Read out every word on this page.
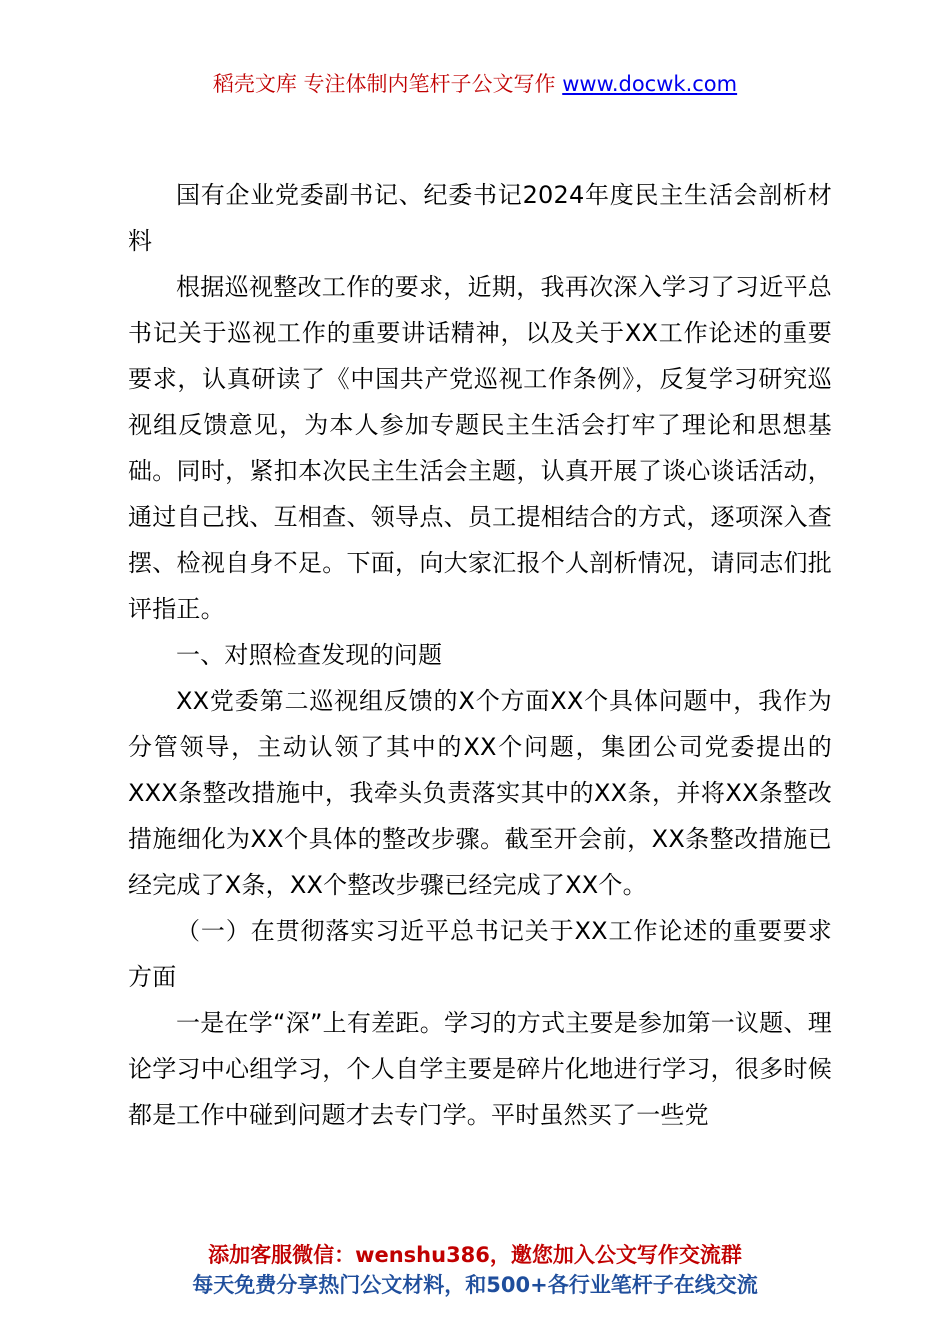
稻壳文库 专注体制内笔杆子公文写作 www.docwk.com

国有企业党委副书记、纪委书记2024年度民主生活会剖析材料

根据巡视整改工作的要求，近期，我再次深入学习了习近平总书记关于巡视工作的重要讲话精神，以及关于XX工作论述的重要要求，认真研读了《中国共产党巡视工作条例》，反复学习研究巡视组反馈意见，为本人参加专题民主生活会打牢了理论和思想基础。同时，紧扣本次民主生活会主题，认真开展了谈心谈话活动，通过自己找、互相查、领导点、员工提相结合的方式，逐项深入查摆、检视自身不足。下面，向大家汇报个人剖析情况，请同志们批评指正。

一、对照检查发现的问题

XX党委第二巡视组反馈的X个方面XX个具体问题中，我作为分管领导，主动认领了其中的XX个问题，集团公司党委提出的XXX条整改措施中，我牵头负责落实其中的XX条，并将XX条整改措施细化为XX个具体的整改步骤。截至开会前，XX条整改措施已经完成了X条，XX个整改步骤已经完成了XX个。

（一）在贯彻落实习近平总书记关于XX工作论述的重要要求方面

一是在学“深”上有差距。学习的方式主要是参加第一议题、理论学习中心组学习，个人自学主要是碎片化地进行学习，很多时候都是工作中碰到问题才去专门学。平时虽然买了一些党

添加客服微信：wenshu386，邀您加入公文写作交流群
每天免费分享热门公文材料，和500+各行业笔杆子在线交流
